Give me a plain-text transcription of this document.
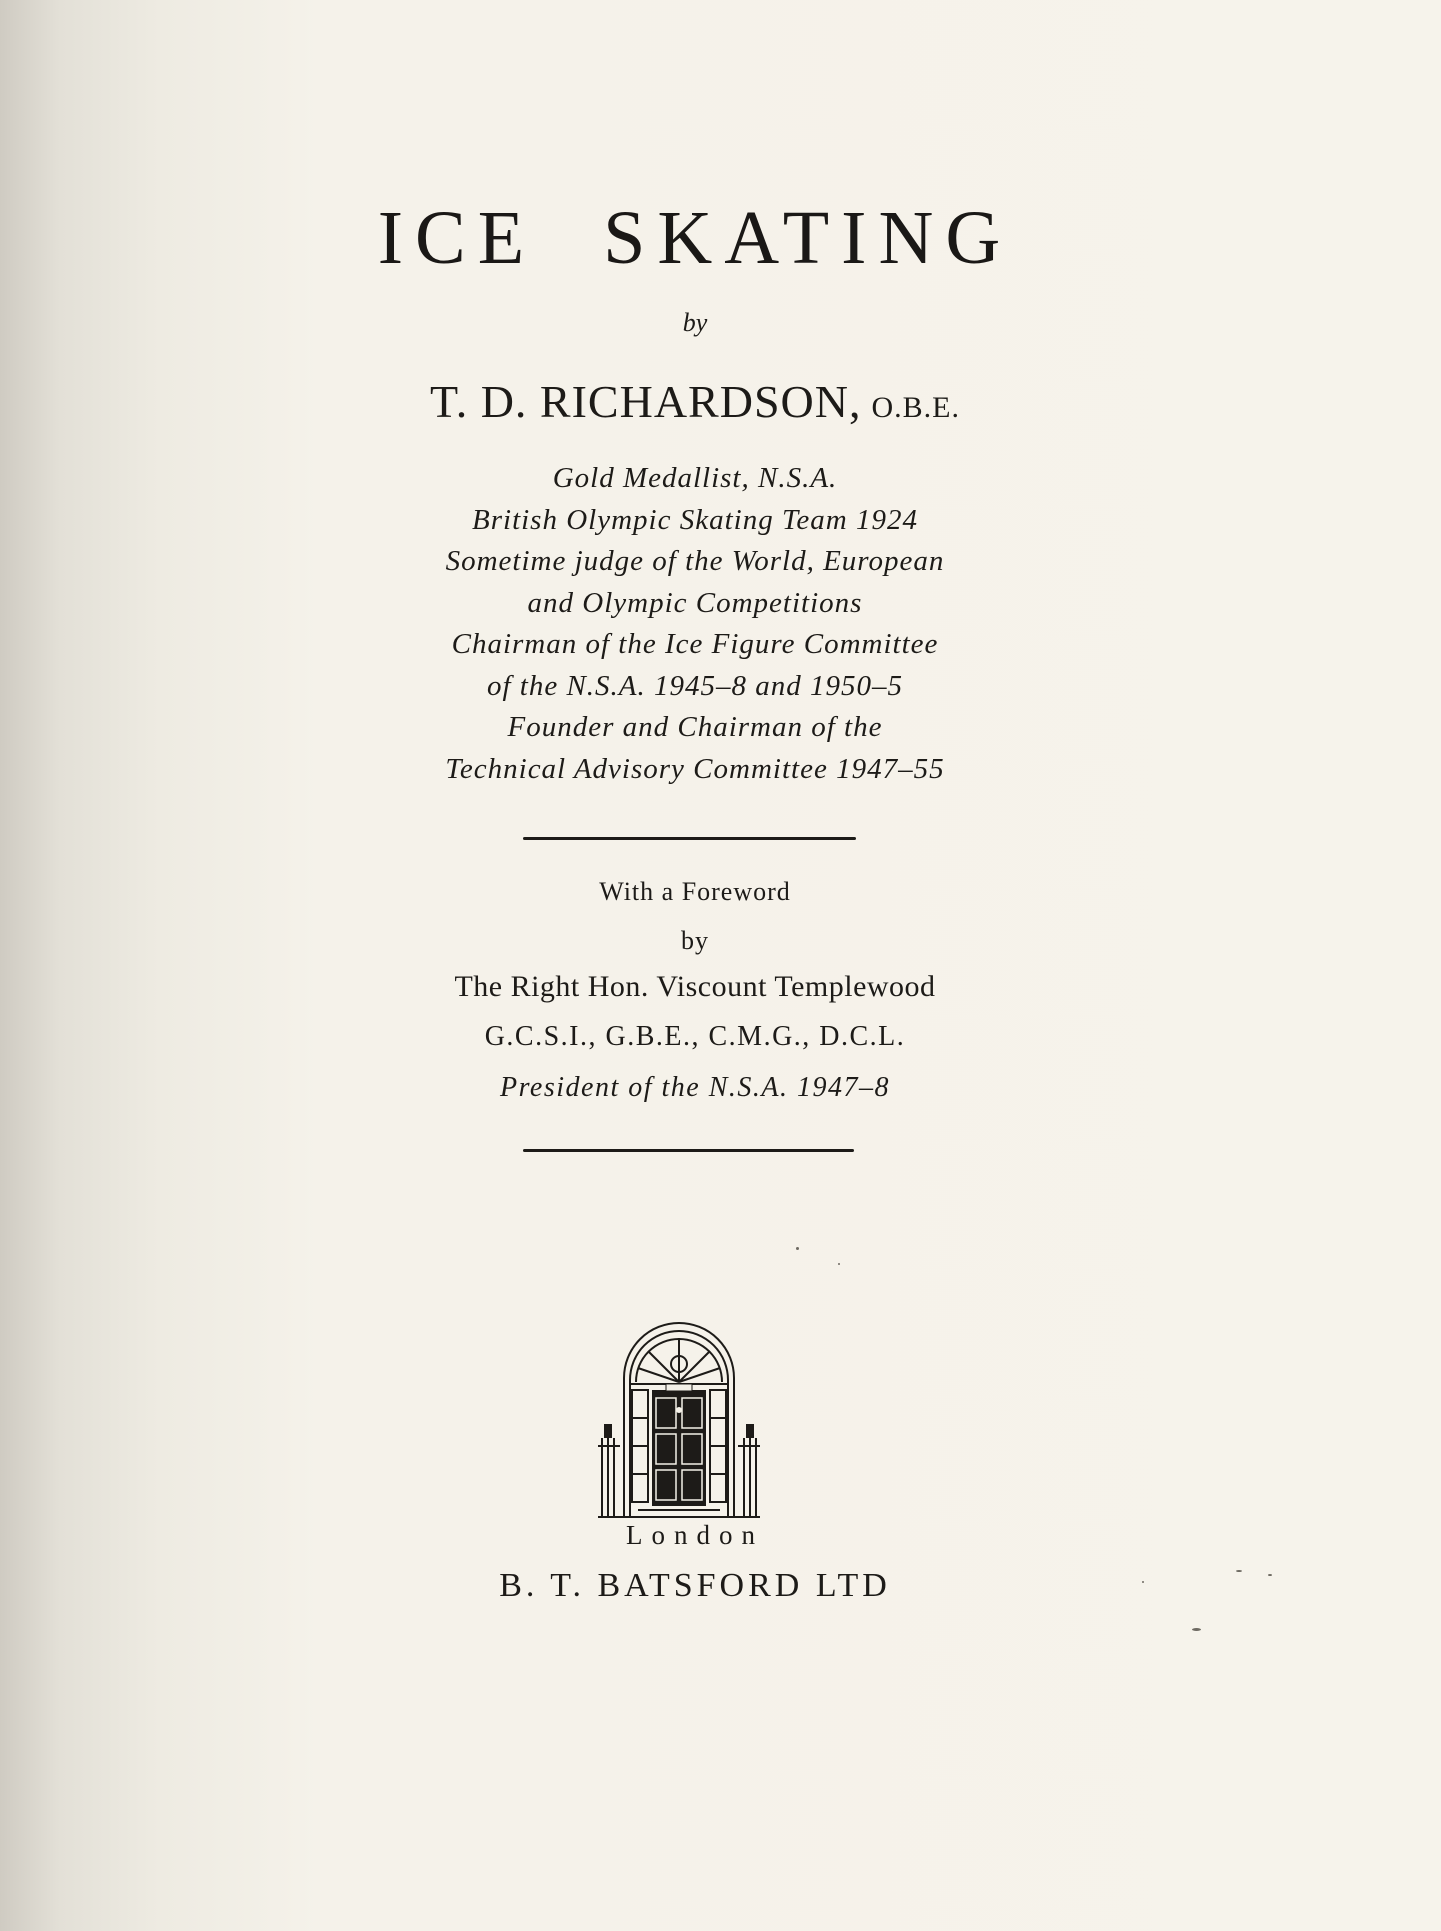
ICE SKATING
by
T. D. RICHARDSON, O.B.E.
Gold Medallist, N.S.A.
British Olympic Skating Team 1924
Sometime judge of the World, European
and Olympic Competitions
Chairman of the Ice Figure Committee
of the N.S.A. 1945–8 and 1950–5
Founder and Chairman of the
Technical Advisory Committee 1947–55
With a Foreword
by
The Right Hon. Viscount Templewood
G.C.S.I., G.B.E., C.M.G., D.C.L.
President of the N.S.A. 1947–8
London
B. T. BATSFORD LTD
